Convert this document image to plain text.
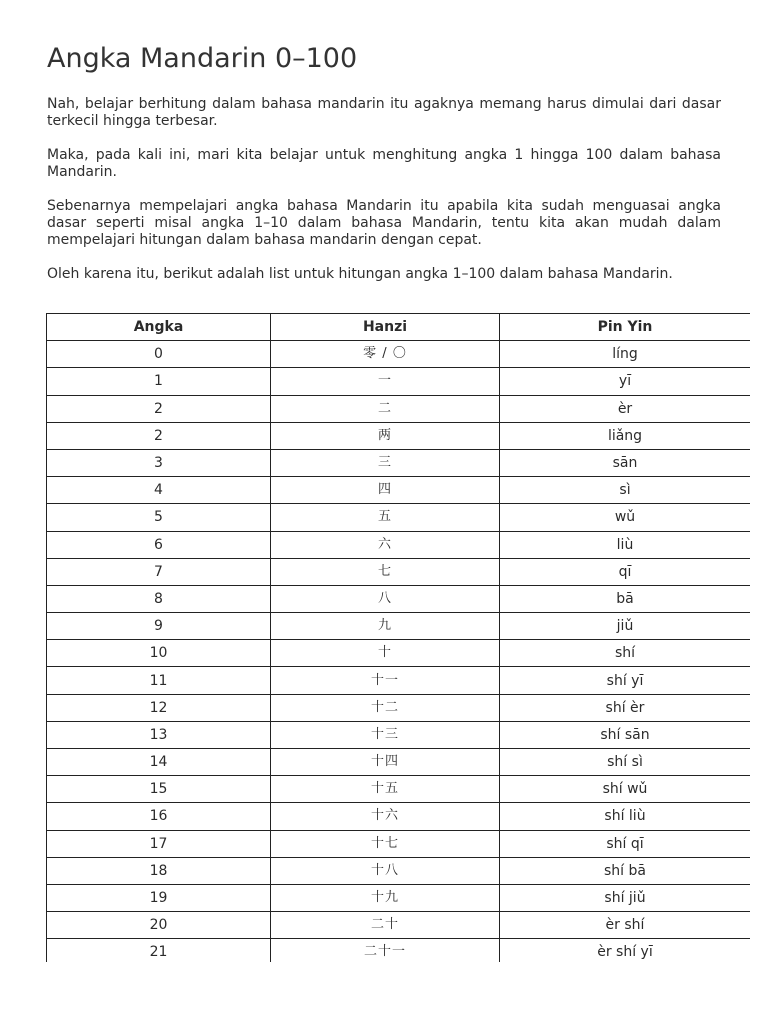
Angka Mandarin 0–100

Nah, belajar berhitung dalam bahasa mandarin itu agaknya memang harus dimulai dari dasar terkecil hingga terbesar.

Maka, pada kali ini, mari kita belajar untuk menghitung angka 1 hingga 100 dalam bahasa Mandarin.

Sebenarnya mempelajari angka bahasa Mandarin itu apabila kita sudah menguasai angka dasar seperti misal angka 1–10 dalam bahasa Mandarin, tentu kita akan mudah dalam mempelajari hitungan dalam bahasa mandarin dengan cepat.

Oleh karena itu, berikut adalah list untuk hitungan angka 1–100 dalam bahasa Mandarin.

Angka	Hanzi	Pin Yin
0	零 / 〇	líng
1	一	yī
2	二	èr
2	两	liǎng
3	三	sān
4	四	sì
5	五	wǔ
6	六	liù
7	七	qī
8	八	bā
9	九	jiǔ
10	十	shí
11	十一	shí yī
12	十二	shí èr
13	十三	shí sān
14	十四	shí sì
15	十五	shí wǔ
16	十六	shí liù
17	十七	shí qī
18	十八	shí bā
19	十九	shí jiǔ
20	二十	èr shí
21	二十一	èr shí yī
